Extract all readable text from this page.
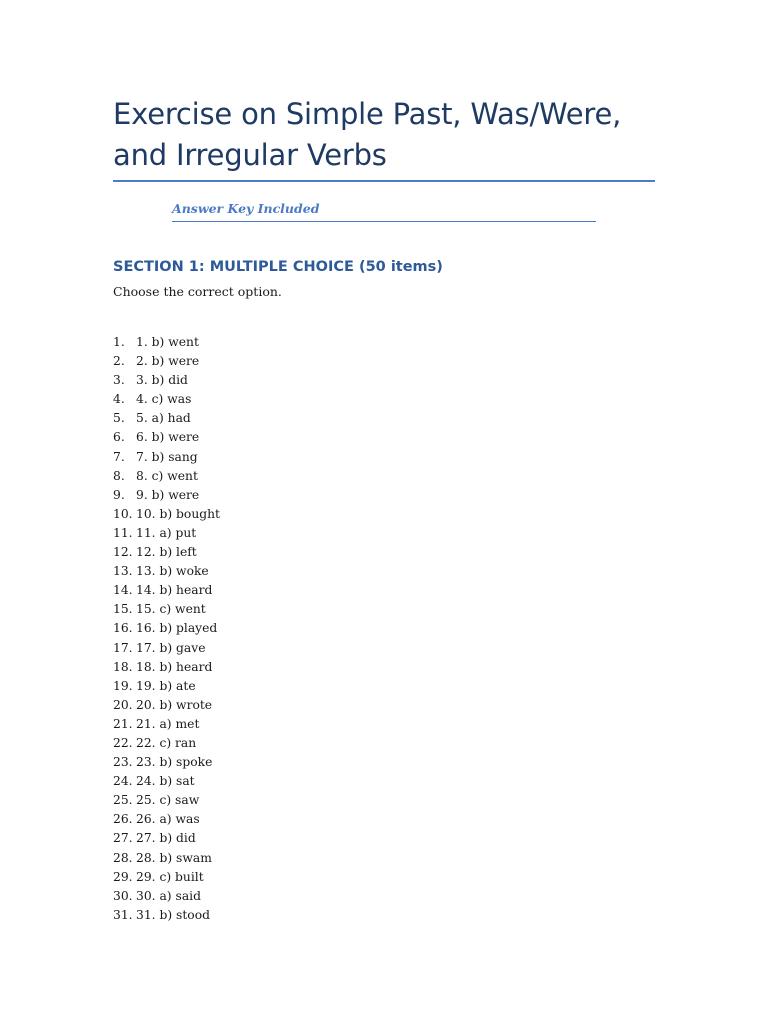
Exercise on Simple Past, Was/Were, and Irregular Verbs
Answer Key Included
SECTION 1: MULTIPLE CHOICE (50 items)
Choose the correct option.
1. 1. b) went
2. 2. b) were
3. 3. b) did
4. 4. c) was
5. 5. a) had
6. 6. b) were
7. 7. b) sang
8. 8. c) went
9. 9. b) were
10. 10. b) bought
11. 11. a) put
12. 12. b) left
13. 13. b) woke
14. 14. b) heard
15. 15. c) went
16. 16. b) played
17. 17. b) gave
18. 18. b) heard
19. 19. b) ate
20. 20. b) wrote
21. 21. a) met
22. 22. c) ran
23. 23. b) spoke
24. 24. b) sat
25. 25. c) saw
26. 26. a) was
27. 27. b) did
28. 28. b) swam
29. 29. c) built
30. 30. a) said
31. 31. b) stood
